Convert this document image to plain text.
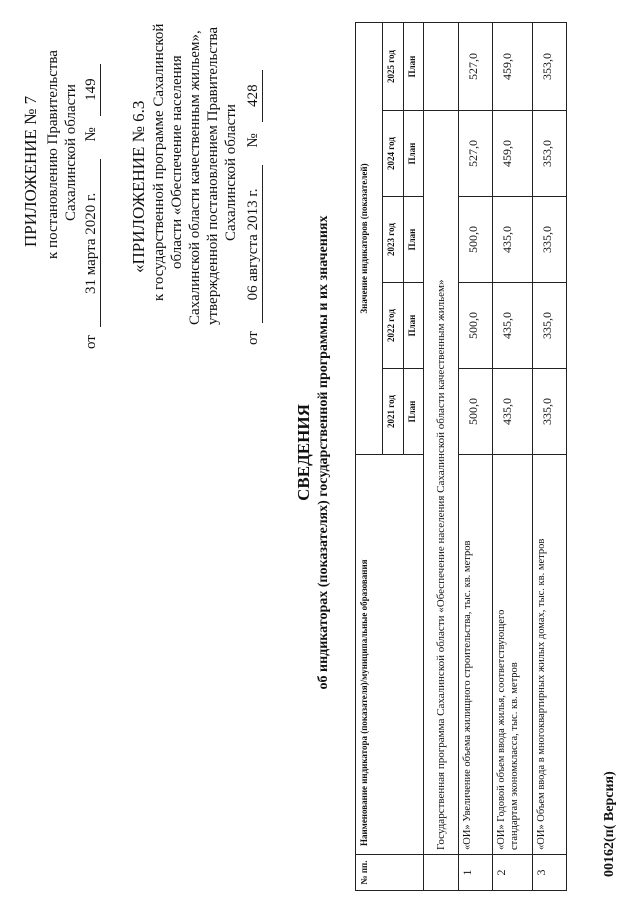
ПРИЛОЖЕНИЕ № 7 к постановлению Правительства Сахалинской области
от 31 марта 2020 г. № 149
«ПРИЛОЖЕНИЕ № 6.3 к государственной программе Сахалинской области «Обеспечение населения Сахалинской области качественным жильем», утвержденной постановлением Правительства Сахалинской области
от 06 августа 2013 г. № 428
СВЕДЕНИЯ об индикаторах (показателях) государственной программы и их значениях
№ пп.	Наименование индикатора (показателя)/муниципальные образования	Значение индикаторов (показателей)				
		2021 год	2022 год	2023 год	2024 год	2025 год
		План	План	План	План	План
	Государственная программа Сахалинской области «Обеспечение населения Сахалинской области качественным жильем»					
1	«ОИ» Увеличение объема жилищного строительства, тыс. кв. метров	500,0	500,0	500,0	527,0	527,0
2	«ОИ» Годовой объем ввода жилья, соответствующего стандартам экономкласса, тыс. кв. метров	435,0	435,0	435,0	459,0	459,0
3	«ОИ» Объем ввода в многоквартирных жилых домах, тыс. кв. метров	335,0	335,0	335,0	353,0	353,0
00162(п( Версия)
